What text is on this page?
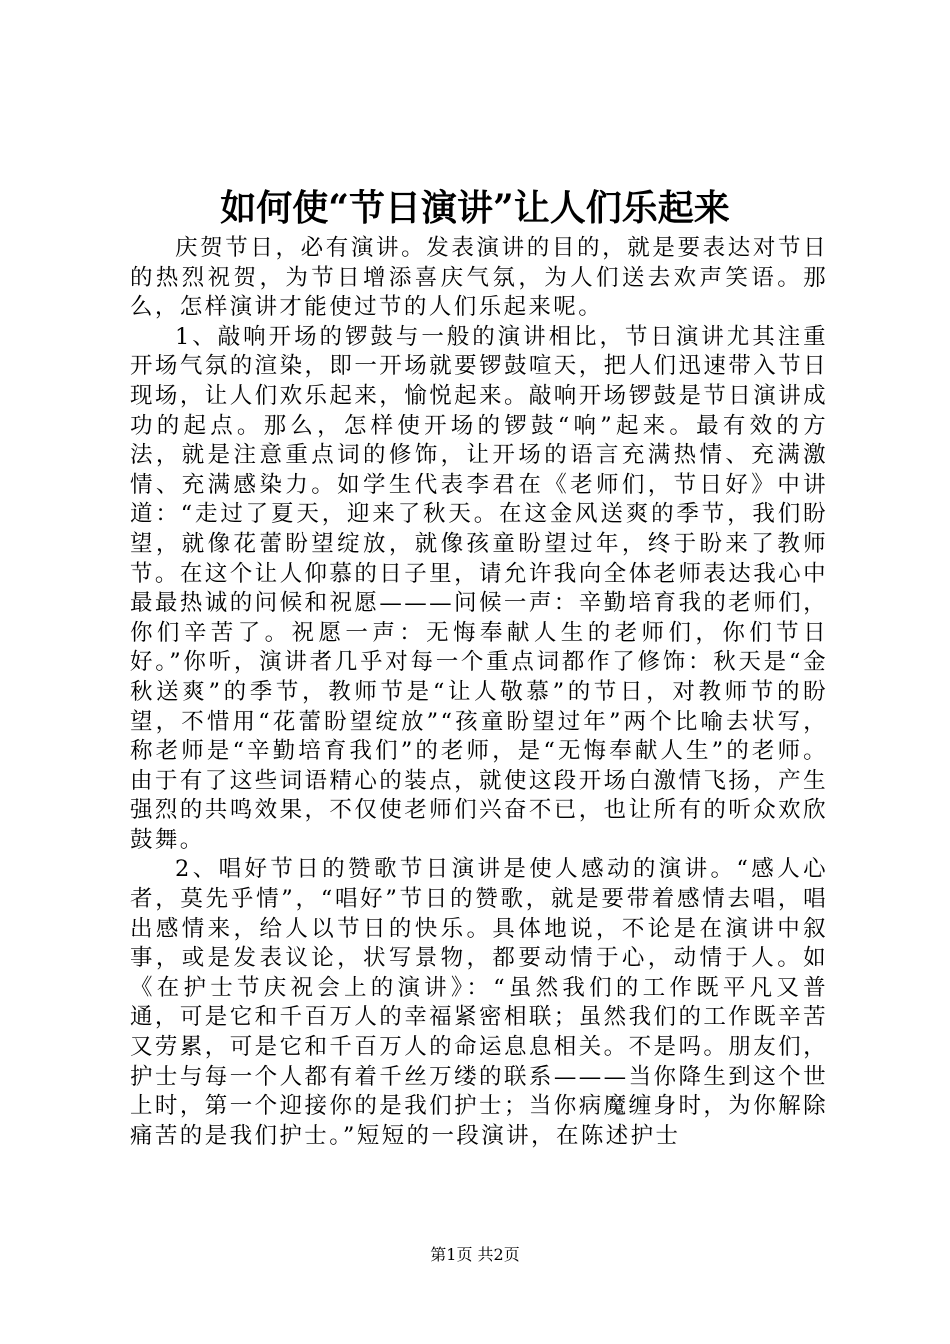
如何使“节日演讲”让人们乐起来

庆贺节日，必有演讲。发表演讲的目的，就是要表达对节日的热烈祝贺，为节日增添喜庆气氛，为人们送去欢声笑语。那么，怎样演讲才能使过节的人们乐起来呢。

1、敲响开场的锣鼓与一般的演讲相比，节日演讲尤其注重开场气氛的渲染，即一开场就要锣鼓喧天，把人们迅速带入节日现场，让人们欢乐起来，愉悦起来。敲响开场锣鼓是节日演讲成功的起点。那么，怎样使开场的锣鼓“响”起来。最有效的方法，就是注意重点词的修饰，让开场的语言充满热情、充满激情、充满感染力。如学生代表李君在《老师们，节日好》中讲道：“走过了夏天，迎来了秋天。在这金风送爽的季节，我们盼望，就像花蕾盼望绽放，就像孩童盼望过年，终于盼来了教师节。在这个让人仰慕的日子里，请允许我向全体老师表达我心中最最热诚的问候和祝愿———问候一声：辛勤培育我的老师们，你们辛苦了。祝愿一声：无悔奉献人生的老师们，你们节日好。”你听，演讲者几乎对每一个重点词都作了修饰：秋天是“金秋送爽”的季节，教师节是“让人敬慕”的节日，对教师节的盼望，不惜用“花蕾盼望绽放”“孩童盼望过年”两个比喻去状写，称老师是“辛勤培育我们”的老师，是“无悔奉献人生”的老师。由于有了这些词语精心的装点，就使这段开场白激情飞扬，产生强烈的共鸣效果，不仅使老师们兴奋不已，也让所有的听众欢欣鼓舞。

2、唱好节日的赞歌节日演讲是使人感动的演讲。“感人心者，莫先乎情”，“唱好”节日的赞歌，就是要带着感情去唱，唱出感情来，给人以节日的快乐。具体地说，不论是在演讲中叙事，或是发表议论，状写景物，都要动情于心，动情于人。如《在护士节庆祝会上的演讲》：“虽然我们的工作既平凡又普通，可是它和千百万人的幸福紧密相联；虽然我们的工作既辛苦又劳累，可是它和千百万人的命运息息相关。不是吗。朋友们，护士与每一个人都有着千丝万缕的联系———当你降生到这个世上时，第一个迎接你的是我们护士；当你病魔缠身时，为你解除痛苦的是我们护士。”短短的一段演讲，在陈述护士

第1页 共2页
